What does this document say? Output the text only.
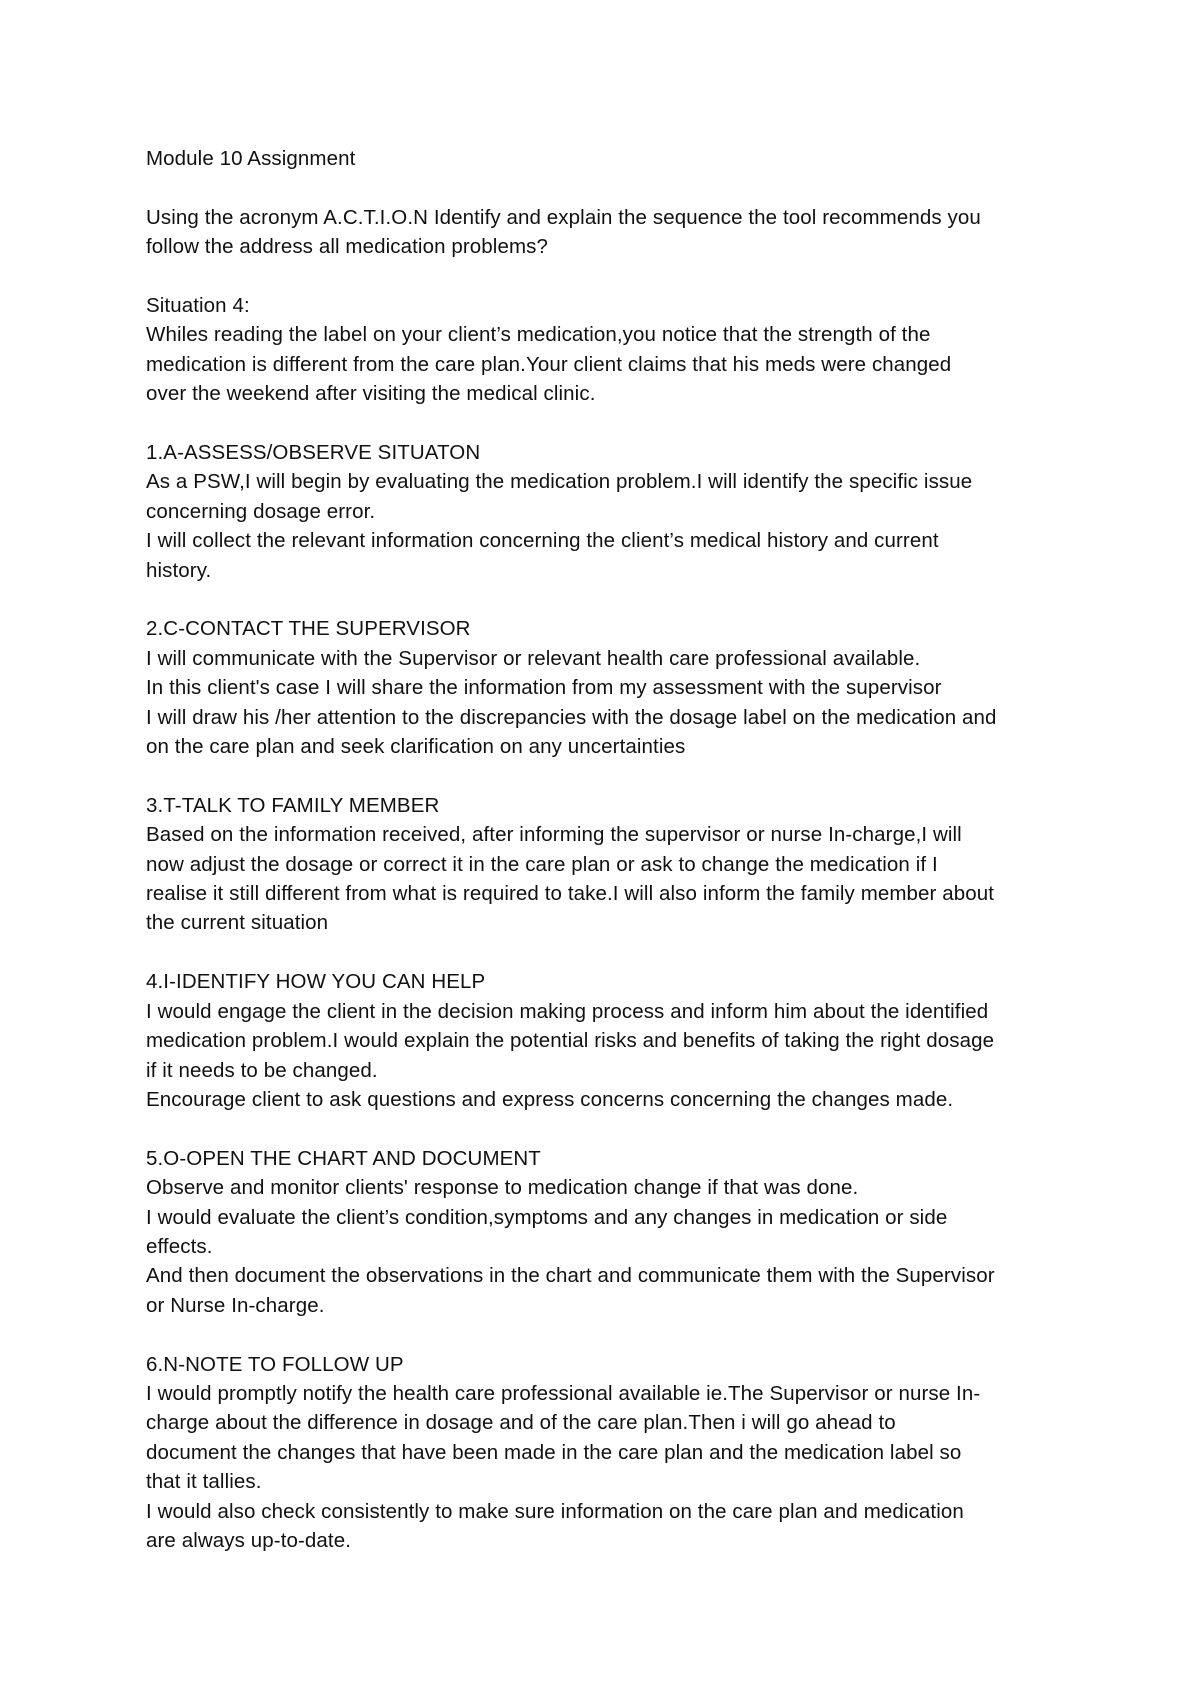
Module 10 Assignment
Using the acronym A.C.T.I.O.N Identify and explain the sequence the tool recommends you
follow the address all medication problems?
Situation 4:
Whiles reading the label on your client’s medication,you notice that the strength of the
medication is different from the care plan.Your client claims that his meds were changed
over the weekend after visiting the medical clinic.
1.A-ASSESS/OBSERVE SITUATON
As a PSW,I will begin by evaluating the medication problem.I will identify the specific issue
concerning dosage error.
I will collect the relevant information concerning the client’s medical history and current
history.
2.C-CONTACT THE SUPERVISOR
I will communicate with the Supervisor or relevant health care professional available.
In this client's case I will share the information from my assessment with the supervisor
I will draw his /her attention to the discrepancies with the dosage label on the medication and
on the care plan and seek clarification on any uncertainties
3.T-TALK TO FAMILY MEMBER
Based on the information received, after informing the supervisor or nurse In-charge,I will
now adjust the dosage or correct it in the care plan or ask to change the medication if I
realise it still different from what is required to take.I will also inform the family member about
the current situation
4.I-IDENTIFY HOW YOU CAN HELP
I would engage the client in the decision making process and inform him about the identified
medication problem.I would explain the potential risks and benefits of taking the right dosage
if it needs to be changed.
Encourage client to ask questions and express concerns concerning the changes made.
5.O-OPEN THE CHART AND DOCUMENT
Observe and monitor clients' response to medication change if that was done.
I would evaluate the client’s condition,symptoms and any changes in medication or side
effects.
And then document the observations in the chart and communicate them with the Supervisor
or Nurse In-charge.
6.N-NOTE TO FOLLOW UP
I would promptly notify the health care professional available ie.The Supervisor or nurse In-
charge about the difference in dosage and of the care plan.Then i will go ahead to
document the changes that have been made in the care plan and the medication label so
that it tallies.
I would also check consistently to make sure information on the care plan and medication
are always up-to-date.
